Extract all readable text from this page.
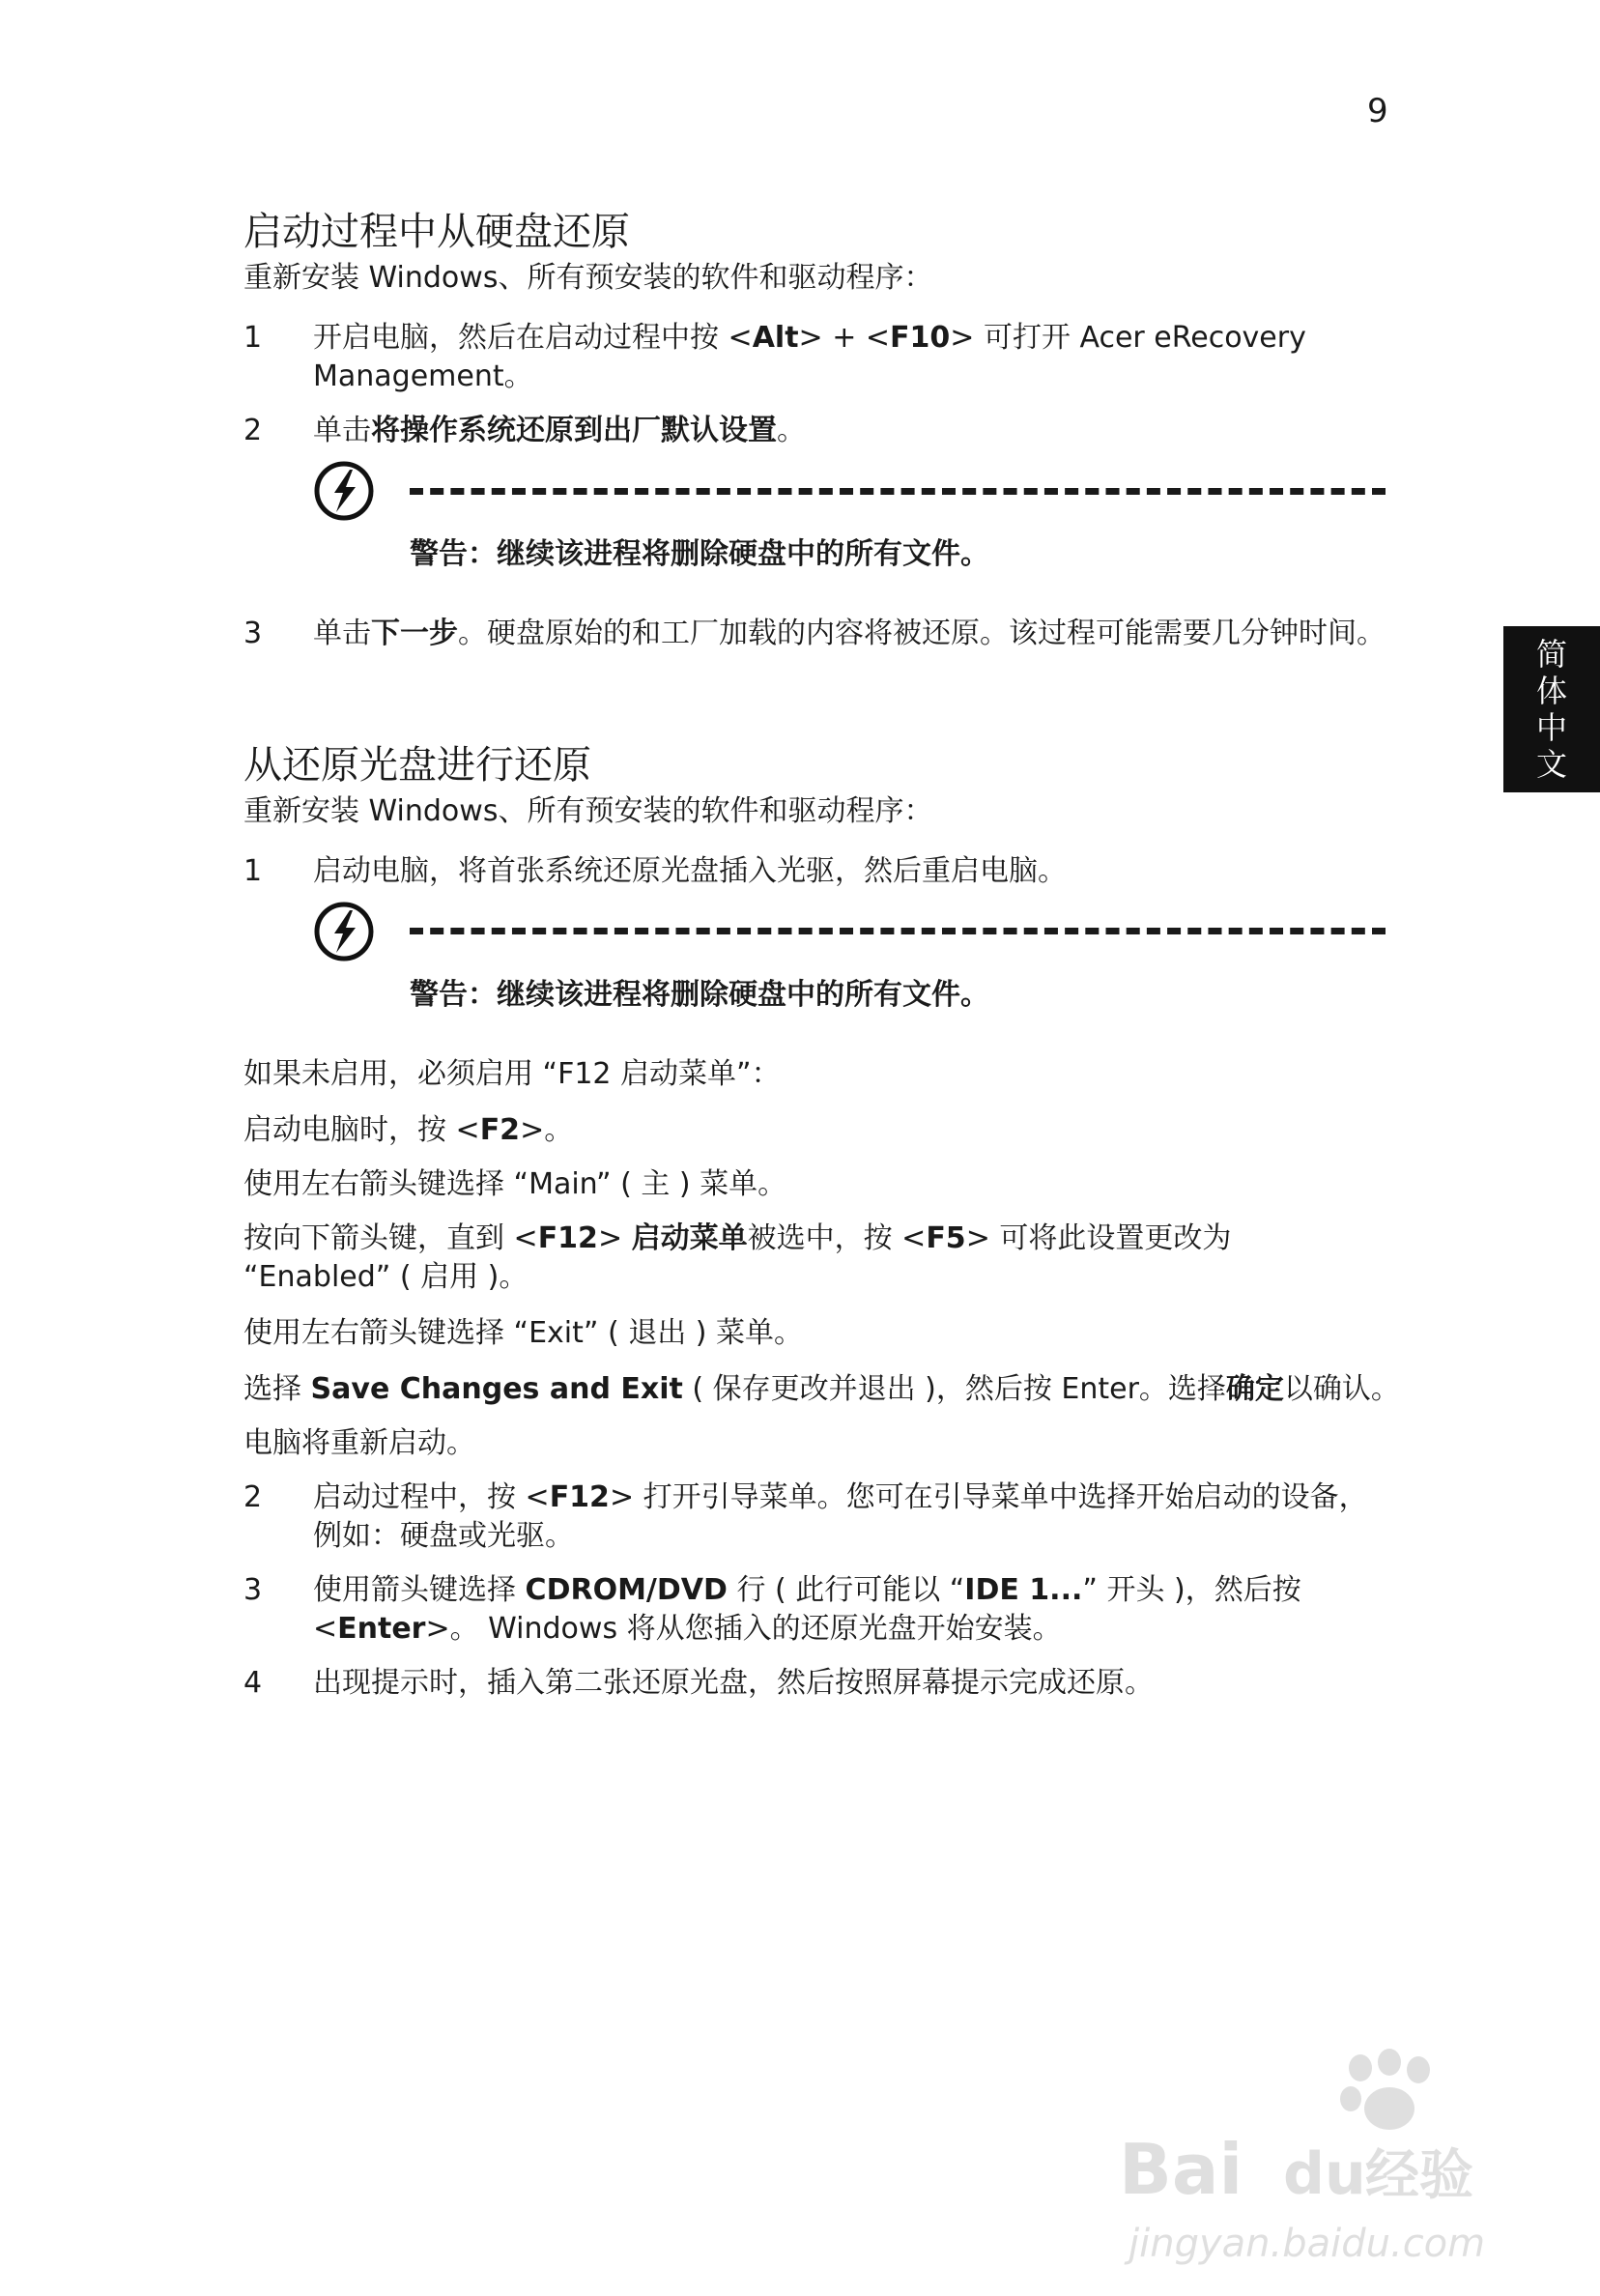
9
简
体
中
文
启动过程中从硬盘还原
重新安装 Windows、所有预安装的软件和驱动程序：
1 开启电脑，然后在启动过程中按 <Alt> + <F10> 可打开 Acer eRecovery Management。
2 单击将操作系统还原到出厂默认设置。
警告：继续该进程将删除硬盘中的所有文件。
3 单击下一步。硬盘原始的和工厂加载的内容将被还原。该过程可能需要几分钟时间。
从还原光盘进行还原
重新安装 Windows、所有预安装的软件和驱动程序：
1 启动电脑，将首张系统还原光盘插入光驱，然后重启电脑。
警告：继续该进程将删除硬盘中的所有文件。
如果未启用，必须启用 “F12 启动菜单”：
启动电脑时，按 <F2>。
使用左右箭头键选择 “Main” ( 主 ) 菜单。
按向下箭头键，直到 <F12> 启动菜单被选中，按 <F5> 可将此设置更改为 “Enabled” ( 启用 )。
使用左右箭头键选择 “Exit” ( 退出 ) 菜单。
选择 Save Changes and Exit ( 保存更改并退出 )，然后按 Enter。选择确定以确认。
电脑将重新启动。
2 启动过程中，按 <F12> 打开引导菜单。您可在引导菜单中选择开始启动的设备，例如：硬盘或光驱。
3 使用箭头键选择 CDROM/DVD 行 ( 此行可能以 “IDE 1...” 开头 )，然后按 <Enter>。 Windows 将从您插入的还原光盘开始安装。
4 出现提示时，插入第二张还原光盘，然后按照屏幕提示完成还原。
Bai du 经验
jingyan.baidu.com
